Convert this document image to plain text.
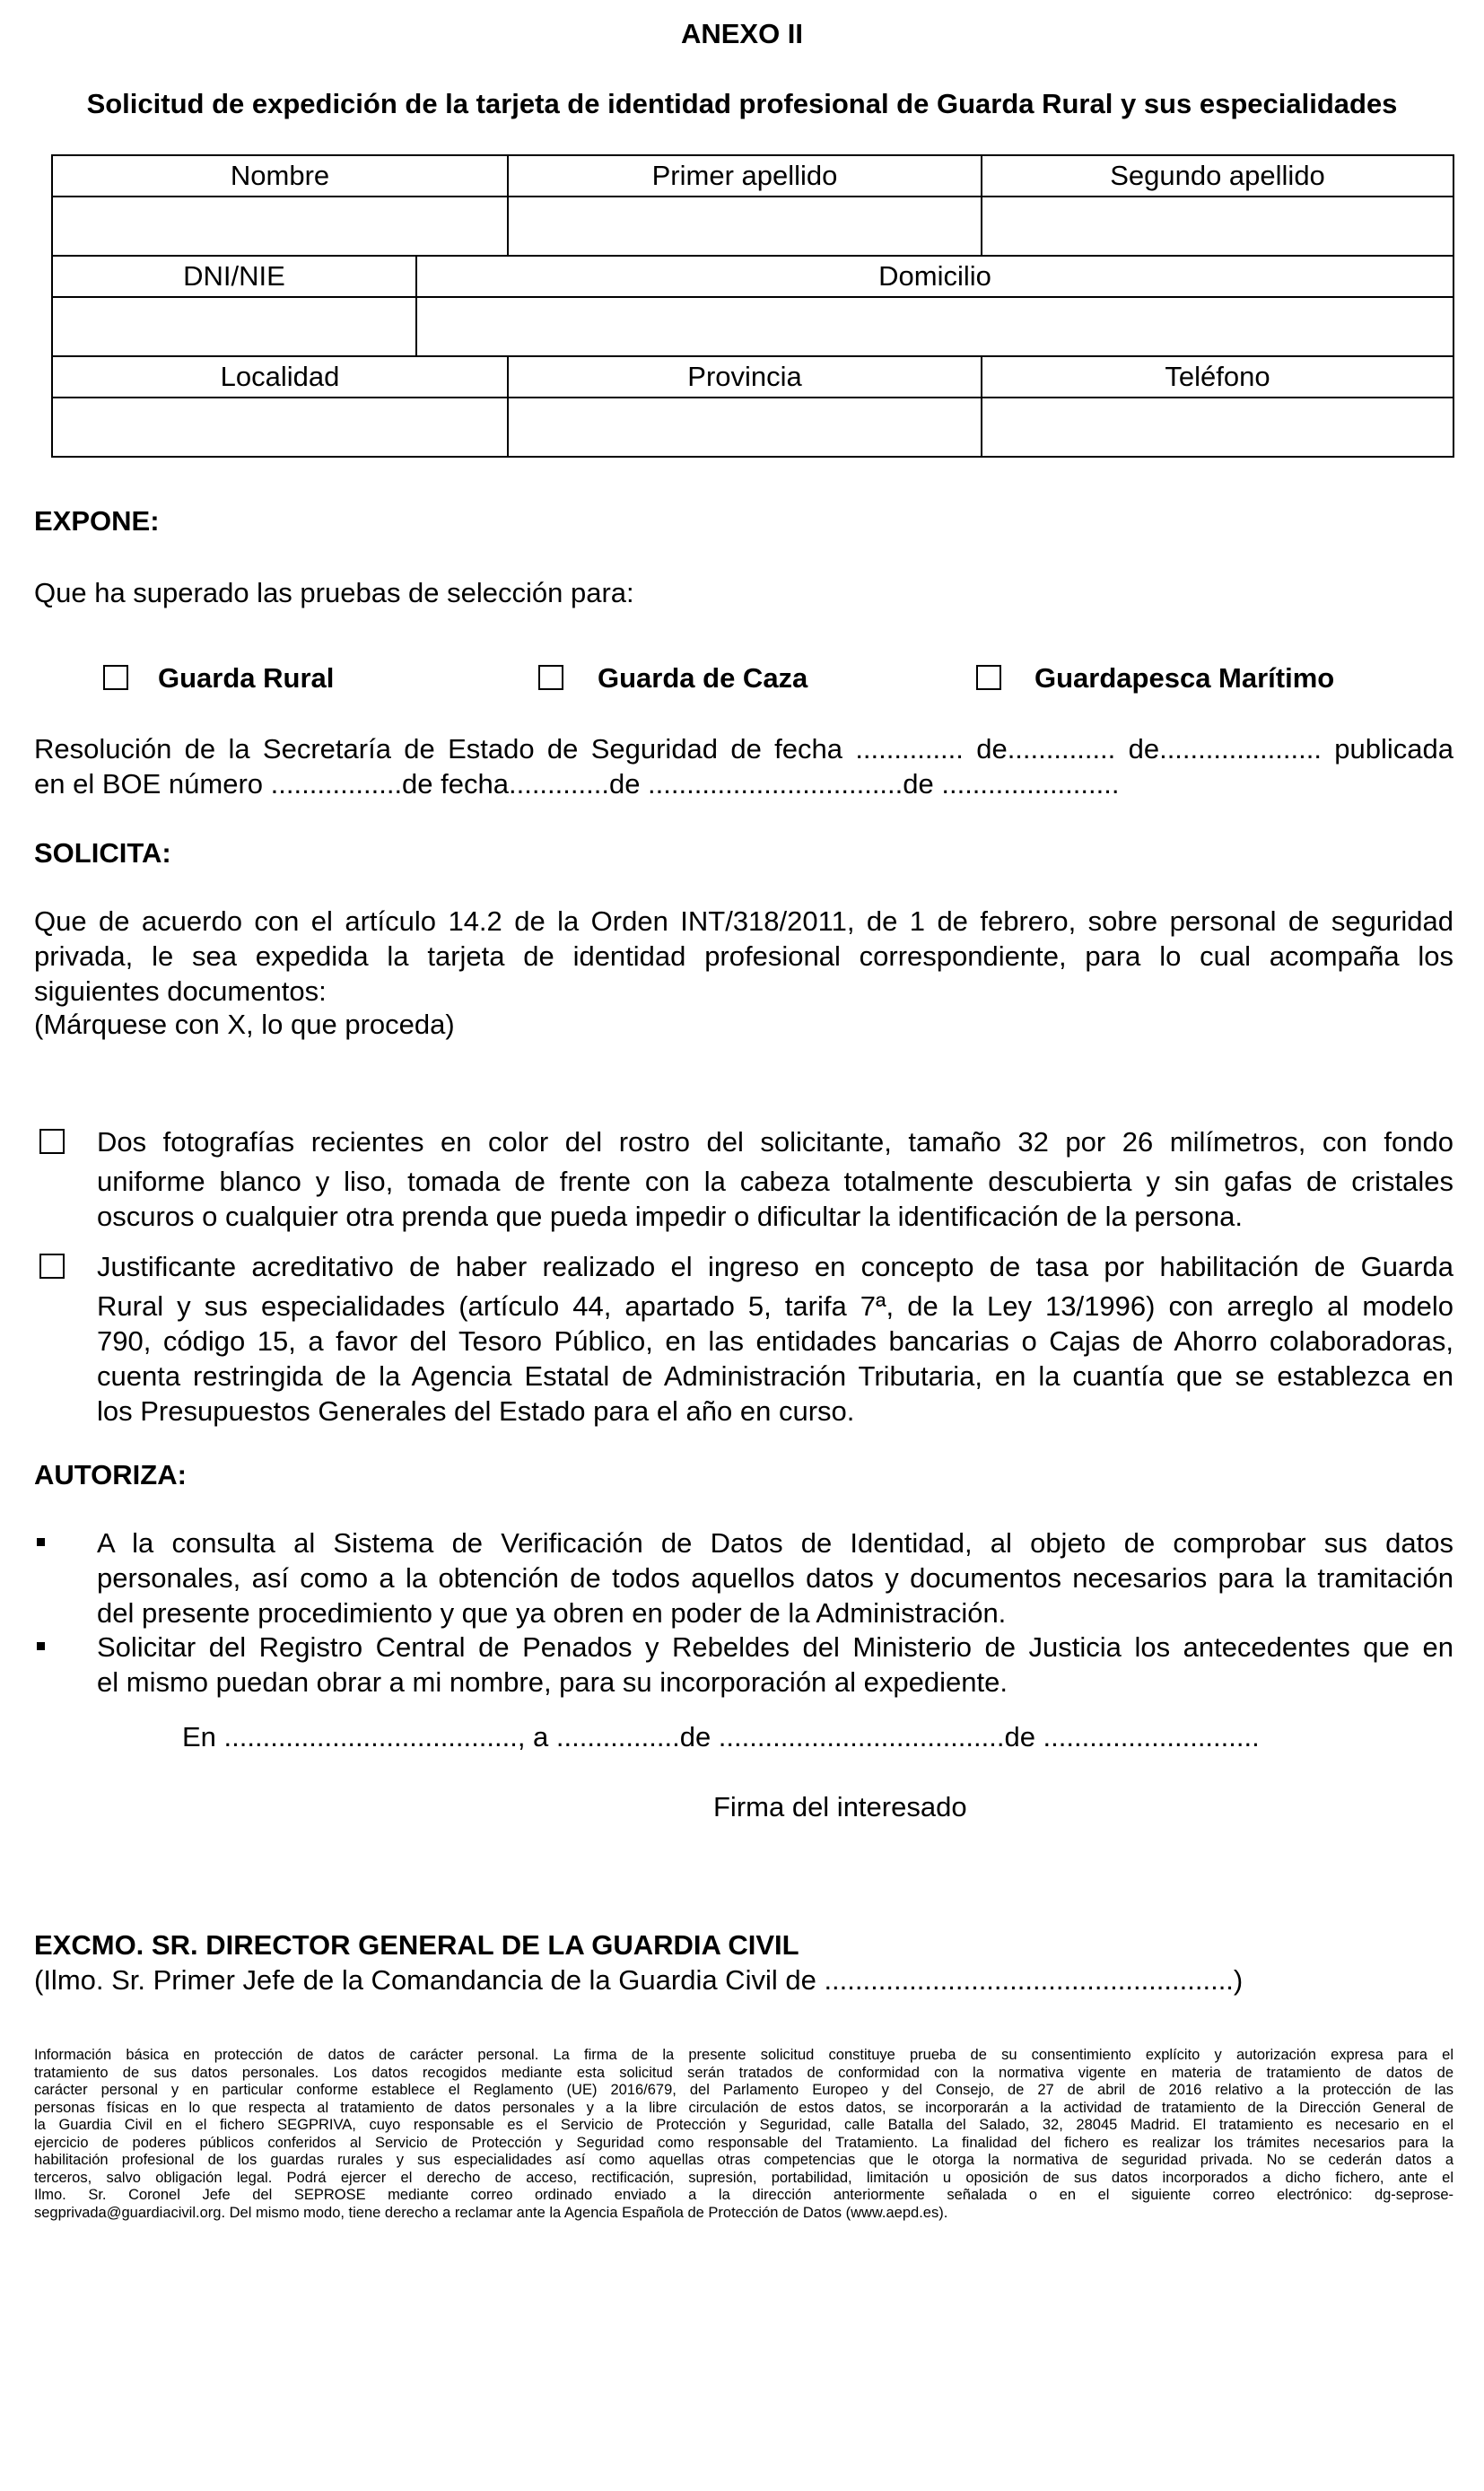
ANEXO II
Solicitud de expedición de la tarjeta de identidad profesional de Guarda Rural y sus especialidades
Nombre		Primer apellido	Segundo apellido

DNI/NIE	Domicilio		

Localidad		Provincia	Teléfono

EXPONE:
Que ha superado las pruebas de selección para:
Guarda Rural	Guarda de Caza	Guardapesca Marítimo
Resolución de la Secretaría de Estado de Seguridad de fecha .............. de.............. de..................... publicada
en el BOE número .................de fecha.............de .................................de .......................
SOLICITA:
Que de acuerdo con el artículo 14.2 de la Orden INT/318/2011, de 1 de febrero, sobre personal de seguridad
privada, le sea expedida la tarjeta de identidad profesional correspondiente, para lo cual acompaña los
siguientes documentos:
(Márquese con X, lo que proceda)
Dos fotografías recientes en color del rostro del solicitante, tamaño 32 por 26 milímetros, con fondo
uniforme blanco y liso, tomada de frente con la cabeza totalmente descubierta y sin gafas de cristales
oscuros o cualquier otra prenda que pueda impedir o dificultar la identificación de la persona.
Justificante acreditativo de haber realizado el ingreso en concepto de tasa por habilitación de Guarda
Rural y sus especialidades (artículo 44, apartado 5, tarifa 7ª, de la Ley 13/1996) con arreglo al modelo
790, código 15, a favor del Tesoro Público, en las entidades bancarias o Cajas de Ahorro colaboradoras,
cuenta restringida de la Agencia Estatal de Administración Tributaria, en la cuantía que se establezca en
los Presupuestos Generales del Estado para el año en curso.
AUTORIZA:
A la consulta al Sistema de Verificación de Datos de Identidad, al objeto de comprobar sus datos
personales, así como a la obtención de todos aquellos datos y documentos necesarios para la tramitación
del presente procedimiento y que ya obren en poder de la Administración.
Solicitar del Registro Central de Penados y Rebeldes del Ministerio de Justicia los antecedentes que en
el mismo puedan obrar a mi nombre, para su incorporación al expediente.
En ......................................, a ................de .....................................de ............................
Firma del interesado
EXCMO. SR. DIRECTOR GENERAL DE LA GUARDIA CIVIL
(Ilmo. Sr. Primer Jefe de la Comandancia de la Guardia Civil de .....................................................)
Información básica en protección de datos de carácter personal. La firma de la presente solicitud constituye prueba de su consentimiento explícito y autorización expresa para el
tratamiento de sus datos personales. Los datos recogidos mediante esta solicitud serán tratados de conformidad con la normativa vigente en materia de tratamiento de datos de
carácter personal y en particular conforme establece el Reglamento (UE) 2016/679, del Parlamento Europeo y del Consejo, de 27 de abril de 2016 relativo a la protección de las
personas físicas en lo que respecta al tratamiento de datos personales y a la libre circulación de estos datos, se incorporarán a la actividad de tratamiento de la Dirección General de
la Guardia Civil en el fichero SEGPRIVA, cuyo responsable es el Servicio de Protección y Seguridad, calle Batalla del Salado, 32, 28045 Madrid. El tratamiento es necesario en el
ejercicio de poderes públicos conferidos al Servicio de Protección y Seguridad como responsable del Tratamiento. La finalidad del fichero es realizar los trámites necesarios para la
habilitación profesional de los guardas rurales y sus especialidades así como aquellas otras competencias que le otorga la normativa de seguridad privada. No se cederán datos a
terceros, salvo obligación legal. Podrá ejercer el derecho de acceso, rectificación, supresión, portabilidad, limitación u oposición de sus datos incorporados a dicho fichero, ante el
Ilmo. Sr. Coronel Jefe del SEPROSE mediante correo ordinado enviado a la dirección anteriormente señalada o en el siguiente correo electrónico: dg-seprose-
segprivada@guardiacivil.org. Del mismo modo, tiene derecho a reclamar ante la Agencia Española de Protección de Datos (www.aepd.es).
